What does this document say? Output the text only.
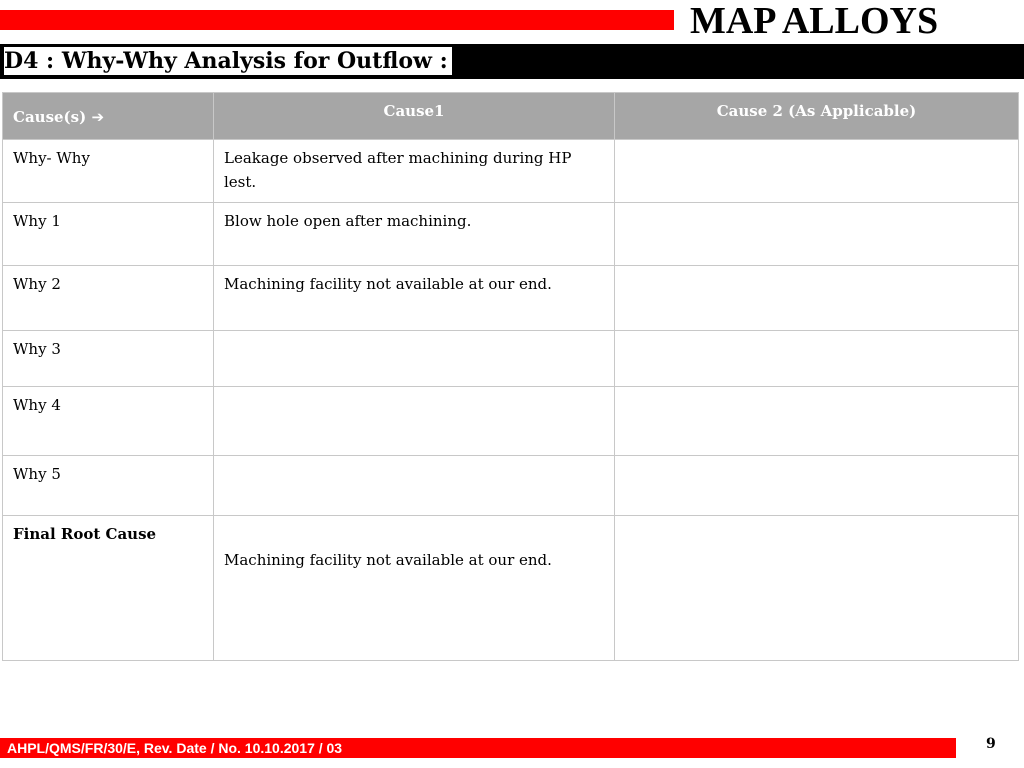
MAP ALLOYS
D4 : Why-Why Analysis for Outflow :
Cause(s) ➔	Cause1	Cause 2 (As Applicable)
Why- Why	Leakage observed after machining during HP lest.	
Why 1	Blow hole open after machining.	
Why 2	Machining facility not available at our end.	
Why 3		
Why 4		
Why 5		
Final Root Cause	Machining facility not available at our end.	
AHPL/QMS/FR/30/E, Rev. Date / No. 10.10.2017 / 03	9
